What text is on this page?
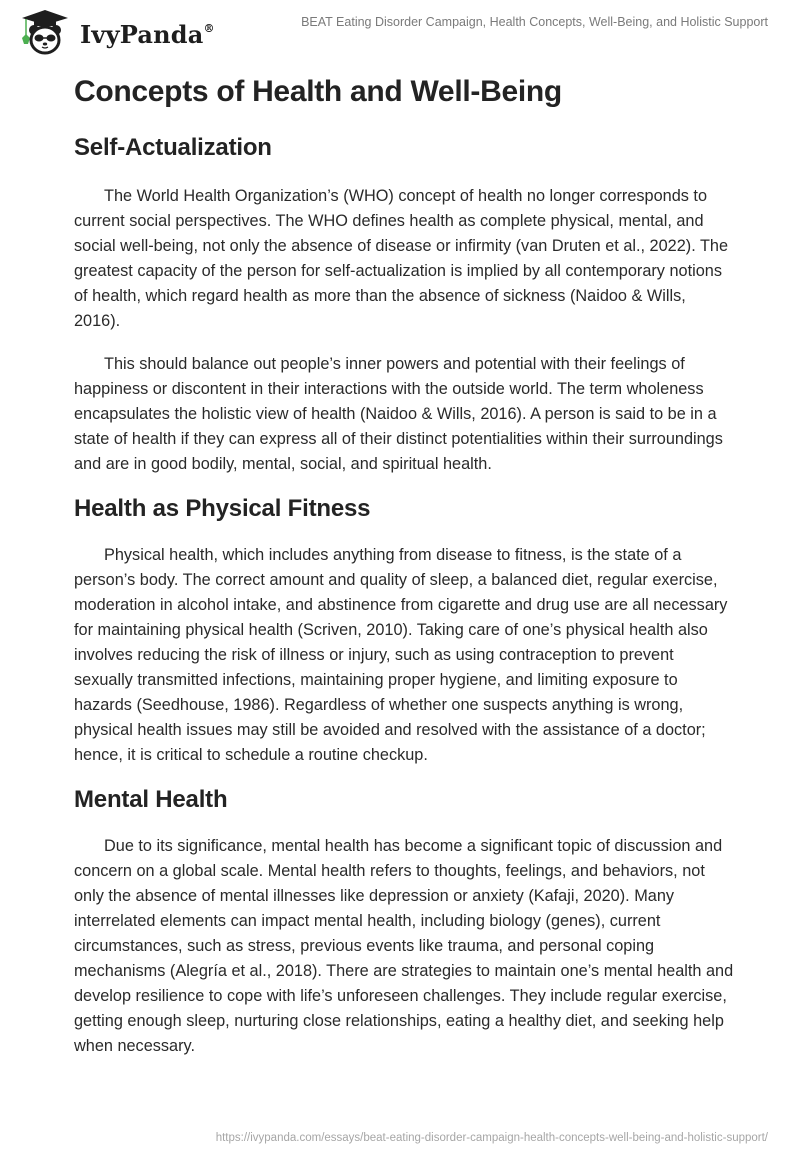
IvyPanda®	BEAT Eating Disorder Campaign, Health Concepts, Well-Being, and Holistic Support
Concepts of Health and Well-Being
Self-Actualization

The World Health Organization’s (WHO) concept of health no longer corresponds to current social perspectives. The WHO defines health as complete physical, mental, and social well-being, not only the absence of disease or infirmity (van Druten et al., 2022). The greatest capacity of the person for self-actualization is implied by all contemporary notions of health, which regard health as more than the absence of sickness (Naidoo & Wills, 2016).

This should balance out people’s inner powers and potential with their feelings of happiness or discontent in their interactions with the outside world. The term wholeness encapsulates the holistic view of health (Naidoo & Wills, 2016). A person is said to be in a state of health if they can express all of their distinct potentialities within their surroundings and are in good bodily, mental, social, and spiritual health.

Health as Physical Fitness

Physical health, which includes anything from disease to fitness, is the state of a person’s body. The correct amount and quality of sleep, a balanced diet, regular exercise, moderation in alcohol intake, and abstinence from cigarette and drug use are all necessary for maintaining physical health (Scriven, 2010). Taking care of one’s physical health also involves reducing the risk of illness or injury, such as using contraception to prevent sexually transmitted infections, maintaining proper hygiene, and limiting exposure to hazards (Seedhouse, 1986). Regardless of whether one suspects anything is wrong, physical health issues may still be avoided and resolved with the assistance of a doctor; hence, it is critical to schedule a routine checkup.

Mental Health

Due to its significance, mental health has become a significant topic of discussion and concern on a global scale. Mental health refers to thoughts, feelings, and behaviors, not only the absence of mental illnesses like depression or anxiety (Kafaji, 2020). Many interrelated elements can impact mental health, including biology (genes), current circumstances, such as stress, previous events like trauma, and personal coping mechanisms (Alegría et al., 2018). There are strategies to maintain one’s mental health and develop resilience to cope with life’s unforeseen challenges. They include regular exercise, getting enough sleep, nurturing close relationships, eating a healthy diet, and seeking help when necessary.

https://ivypanda.com/essays/beat-eating-disorder-campaign-health-concepts-well-being-and-holistic-support/
